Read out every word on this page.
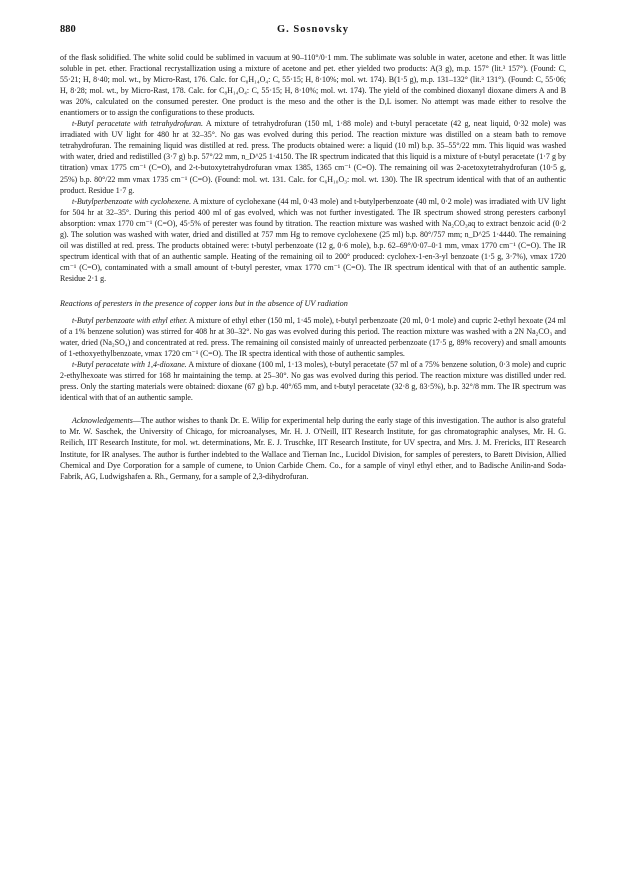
880	G. Sosnovsky

of the flask solidified. The white solid could be sublimed in vacuum at 90–110°/0·1 mm. The sublimate was soluble in water, acetone and ether. It was little soluble in pet. ether. Fractional recrystallization using a mixture of acetone and pet. ether yielded two products: A(3 g), m.p. 157° (lit.³ 157°). (Found: C, 55·21; H, 8·40; mol. wt., by Micro-Rast, 176. Calc. for C₈H₁₄O₄: C, 55·15; H, 8·10%; mol. wt. 174). B(1·5 g), m.p. 131–132° (lit.³ 131°). (Found: C, 55·06; H, 8·28; mol. wt., by Micro-Rast, 178. Calc. for C₈H₁₄O₄: C, 55·15; H, 8·10%; mol. wt. 174). The yield of the combined dioxanyl dioxane dimers A and B was 20%, calculated on the consumed perester. One product is the meso and the other is the D,L isomer. No attempt was made either to resolve the enantiomers or to assign the configurations to these products.

t-Butyl peracetate with tetrahydrofuran. A mixture of tetrahydrofuran (150 ml, 1·88 mole) and t-butyl peracetate (42 g, neat liquid, 0·32 mole) was irradiated with UV light for 480 hr at 32–35°. No gas was evolved during this period. The reaction mixture was distilled on a steam bath to remove tetrahydrofuran. The remaining liquid was distilled at red. press. The products obtained were: a liquid (10 ml) b.p. 35–55°/22 mm. This liquid was washed with water, dried and redistilled (3·7 g) b.p. 57°/22 mm, n_D^25 1·4150. The IR spectrum indicated that this liquid is a mixture of t-butyl peracetate (1·7 g by titration) νmax 1775 cm⁻¹ (C=O), and 2-t-butoxytetrahydrofuran νmax 1385, 1365 cm⁻¹ (C=O). The remaining oil was 2-acetoxytetrahydrofuran (10·5 g, 25%) b.p. 80°/22 mm νmax 1735 cm⁻¹ (C=O). (Found: mol. wt. 131. Calc. for C₆H₁₀O₃: mol. wt. 130). The IR spectrum identical with that of an authentic product. Residue 1·7 g.

t-Butylperbenzoate with cyclohexene. A mixture of cyclohexane (44 ml, 0·43 mole) and t-butylperbenzoate (40 ml, 0·2 mole) was irradiated with UV light for 504 hr at 32–35°. During this period 400 ml of gas evolved, which was not further investigated. The IR spectrum showed strong peresters carbonyl absorption: νmax 1770 cm⁻¹ (C=O), 45·5% of perester was found by titration. The reaction mixture was washed with Na₂CO₃aq to extract benzoic acid (0·2 g). The solution was washed with water, dried and distilled at 757 mm Hg to remove cyclohexene (25 ml) b.p. 80°/757 mm; n_D^25 1·4440. The remaining oil was distilled at red. press. The products obtained were: t-butyl perbenzoate (12 g, 0·6 mole), b.p. 62–69°/0·07–0·1 mm, νmax 1770 cm⁻¹ (C=O). The IR spectrum identical with that of an authentic sample. Heating of the remaining oil to 200° produced: cyclohex-1-en-3-yl benzoate (1·5 g, 3·7%), νmax 1720 cm⁻¹ (C=O), contaminated with a small amount of t-butyl perester, νmax 1770 cm⁻¹ (C=O). The IR spectrum identical with that of an authentic sample. Residue 2·1 g.

Reactions of peresters in the presence of copper ions but in the absence of UV radiation

t-Butyl perbenzoate with ethyl ether. A mixture of ethyl ether (150 ml, 1·45 mole), t-butyl perbenzoate (20 ml, 0·1 mole) and cupric 2-ethyl hexoate (24 ml of a 1% benzene solution) was stirred for 408 hr at 30–32°. No gas was evolved during this period. The reaction mixture was washed with a 2N Na₂CO₃ and water, dried (Na₂SO₄) and concentrated at red. press. The remaining oil consisted mainly of unreacted perbenzoate (17·5 g, 89% recovery) and small amounts of 1-ethoxyethylbenzoate, νmax 1720 cm⁻¹ (C=O). The IR spectra identical with those of authentic samples.

t-Butyl peracetate with 1,4-dioxane. A mixture of dioxane (100 ml, 1·13 moles), t-butyl peracetate (57 ml of a 75% benzene solution, 0·3 mole) and cupric 2-ethylhexoate was stirred for 168 hr maintaining the temp. at 25–30°. No gas was evolved during this period. The reaction mixture was distilled under red. press. Only the starting materials were obtained: dioxane (67 g) b.p. 40°/65 mm, and t-butyl peracetate (32·8 g, 83·5%), b.p. 32°/8 mm. The IR spectrum was identical with that of an authentic sample.

Acknowledgements—The author wishes to thank Dr. E. Wilip for experimental help during the early stage of this investigation. The author is also grateful to Mr. W. Saschek, the University of Chicago, for microanalyses, Mr. H. J. O'Neill, IIT Research Institute, for gas chromatographic analyses, Mr. H. G. Reilich, IIT Research Institute, for mol. wt. determinations, Mr. E. J. Truschke, IIT Research Institute, for UV spectra, and Mrs. J. M. Frericks, IIT Research Institute, for IR analyses. The author is further indebted to the Wallace and Tiernan Inc., Lucidol Division, for samples of peresters, to Barett Division, Allied Chemical and Dye Corporation for a sample of cumene, to Union Carbide Chem. Co., for a sample of vinyl ethyl ether, and to Badische Anilin-and Soda-Fabrik, AG, Ludwigshafen a. Rh., Germany, for a sample of 2,3-dihydrofuran.
